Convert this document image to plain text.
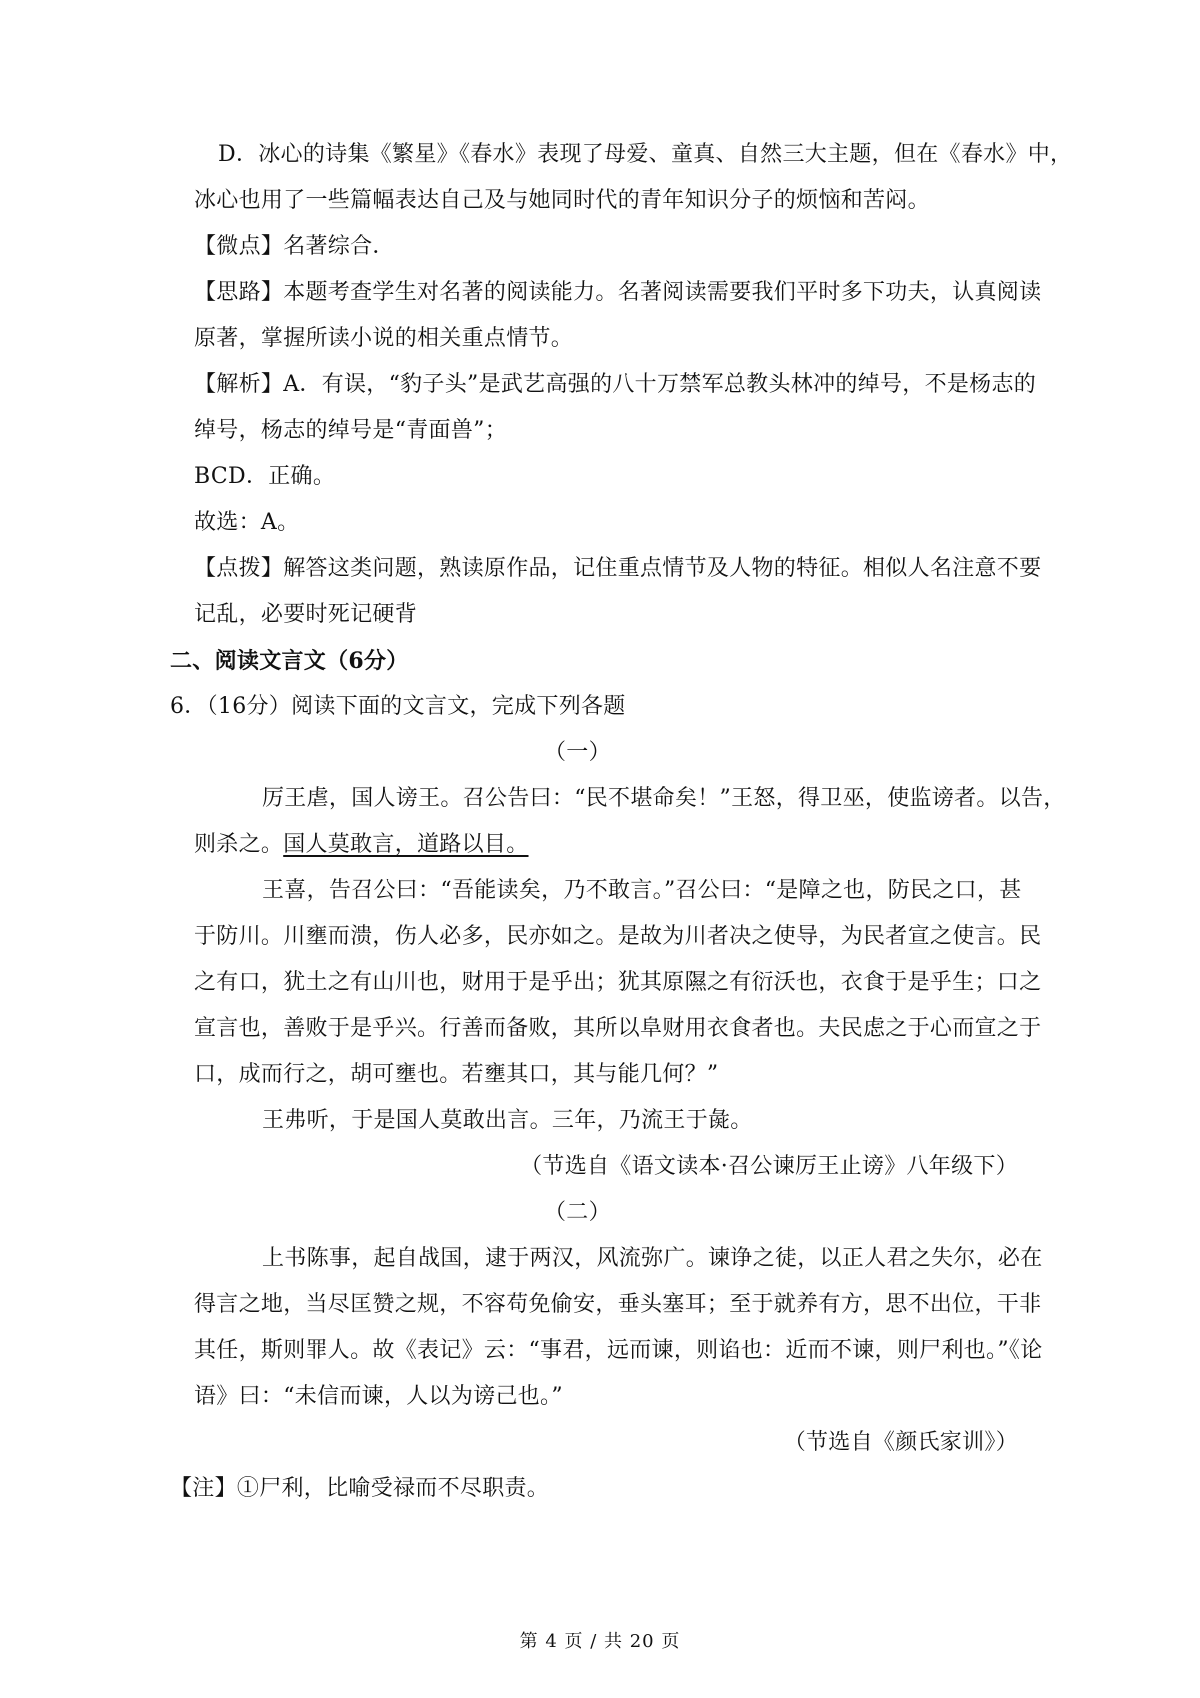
D．冰心的诗集《繁星》《春水》表现了母爱、童真、自然三大主题，但在《春水》中，
冰心也用了一些篇幅表达自己及与她同时代的青年知识分子的烦恼和苦闷。
【微点】名著综合．
【思路】本题考查学生对名著的阅读能力。名著阅读需要我们平时多下功夫，认真阅读
原著，掌握所读小说的相关重点情节。
【解析】A．有误，“豹子头”是武艺高强的八十万禁军总教头林冲的绰号，不是杨志的
绰号，杨志的绰号是“青面兽”；
BCD．正确。
故选：A。
【点拨】解答这类问题，熟读原作品，记住重点情节及人物的特征。相似人名注意不要
记乱，必要时死记硬背
二、阅读文言文（6分）
6．（16分）阅读下面的文言文，完成下列各题
（一）
厉王虐，国人谤王。召公告曰：“民不堪命矣！”王怒，得卫巫，使监谤者。以告，
则杀之。国人莫敢言，道路以目。
王喜，告召公曰：“吾能读矣，乃不敢言。”召公曰：“是障之也，防民之口，甚
于防川。川壅而溃，伤人必多，民亦如之。是故为川者决之使导，为民者宣之使言。民
之有口，犹土之有山川也，财用于是乎出；犹其原隰之有衍沃也，衣食于是乎生；口之
宣言也，善败于是乎兴。行善而备败，其所以阜财用衣食者也。夫民虑之于心而宣之于
口，成而行之，胡可壅也。若壅其口，其与能几何？”
王弗听，于是国人莫敢出言。三年，乃流王于彘。
（节选自《语文读本·召公谏厉王止谤》八年级下）
（二）
上书陈事，起自战国，逮于两汉，风流弥广。谏诤之徒，以正人君之失尔，必在
得言之地，当尽匡赞之规，不容苟免偷安，垂头塞耳；至于就养有方，思不出位，干非
其任，斯则罪人。故《表记》云：“事君，远而谏，则谄也：近而不谏，则尸利也。”《论
语》曰：“未信而谏，人以为谤己也。”
（节选自《颜氏家训》）
【注】①尸利，比喻受禄而不尽职责。
第 4 页 / 共 20 页
